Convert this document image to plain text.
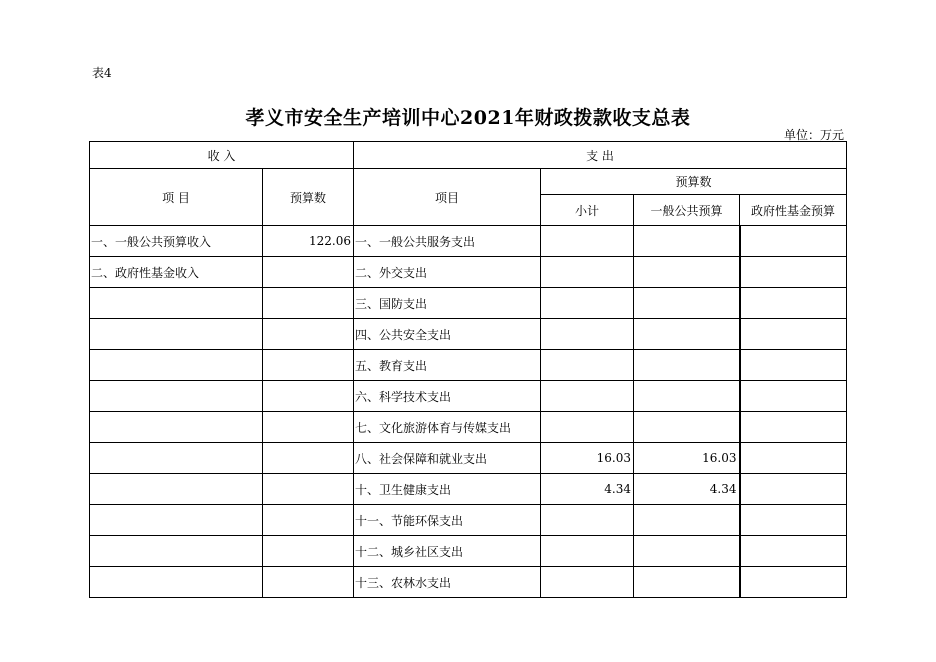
表4
孝义市安全生产培训中心2021年财政拨款收支总表
单位：万元
收 入		支 出			
项 目	预算数	项目	预算数		
			小计	一般公共预算	政府性基金预算
一、一般公共预算收入	122.06	一、一般公共服务支出			
二、政府性基金收入		二、外交支出			
		三、国防支出			
		四、公共安全支出			
		五、教育支出			
		六、科学技术支出			
		七、文化旅游体育与传媒支出			
		八、社会保障和就业支出	16.03	16.03	
		十、卫生健康支出	4.34	4.34	
		十一、节能环保支出			
		十二、城乡社区支出			
		十三、农林水支出			
